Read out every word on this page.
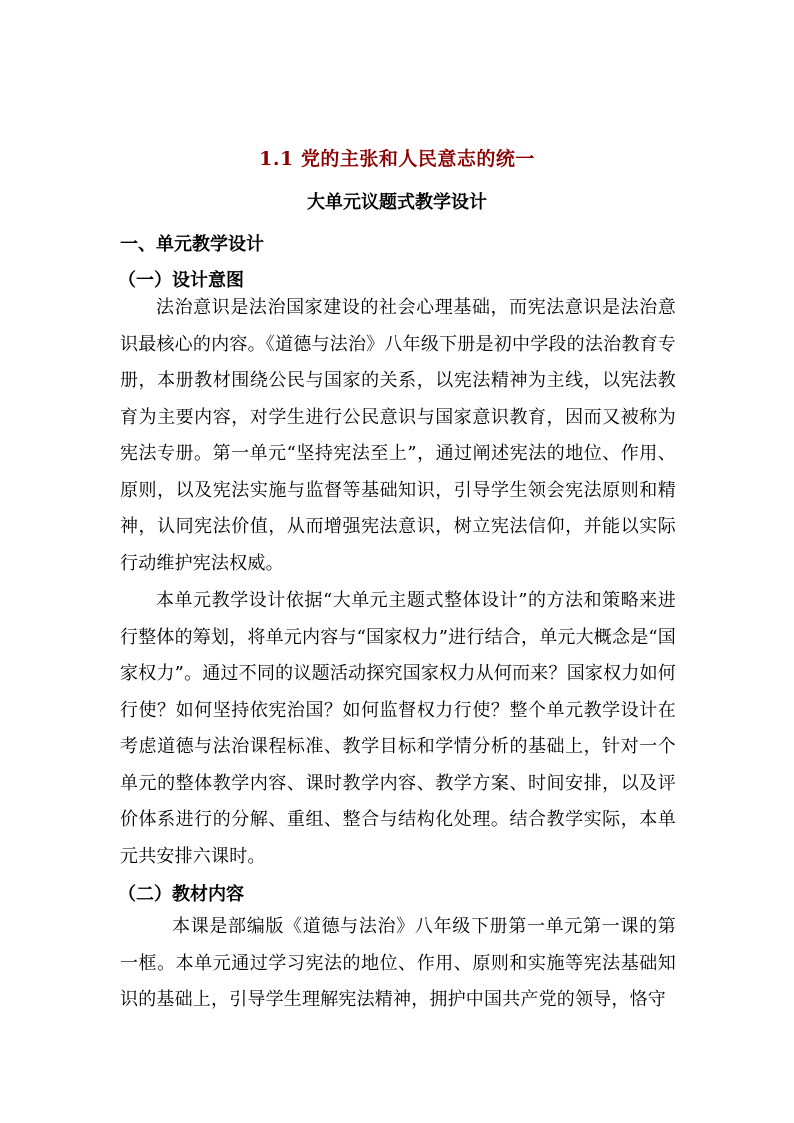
1.1 党的主张和人民意志的统一
大单元议题式教学设计
一、单元教学设计
（一）设计意图
法治意识是法治国家建设的社会心理基础，而宪法意识是法治意识最核心的内容。《道德与法治》八年级下册是初中学段的法治教育专册，本册教材围绕公民与国家的关系，以宪法精神为主线，以宪法教育为主要内容，对学生进行公民意识与国家意识教育，因而又被称为宪法专册。第一单元“坚持宪法至上”，通过阐述宪法的地位、作用、原则，以及宪法实施与监督等基础知识，引导学生领会宪法原则和精神，认同宪法价值，从而增强宪法意识，树立宪法信仰，并能以实际行动维护宪法权威。
本单元教学设计依据“大单元主题式整体设计”的方法和策略来进行整体的筹划，将单元内容与“国家权力”进行结合，单元大概念是“国家权力”。通过不同的议题活动探究国家权力从何而来？国家权力如何行使？如何坚持依宪治国？如何监督权力行使？整个单元教学设计在考虑道德与法治课程标准、教学目标和学情分析的基础上，针对一个单元的整体教学内容、课时教学内容、教学方案、时间安排，以及评价体系进行的分解、重组、整合与结构化处理。结合教学实际，本单元共安排六课时。
（二）教材内容
本课是部编版《道德与法治》八年级下册第一单元第一课的第一框。本单元通过学习宪法的地位、作用、原则和实施等宪法基础知识的基础上，引导学生理解宪法精神，拥护中国共产党的领导，恪守
